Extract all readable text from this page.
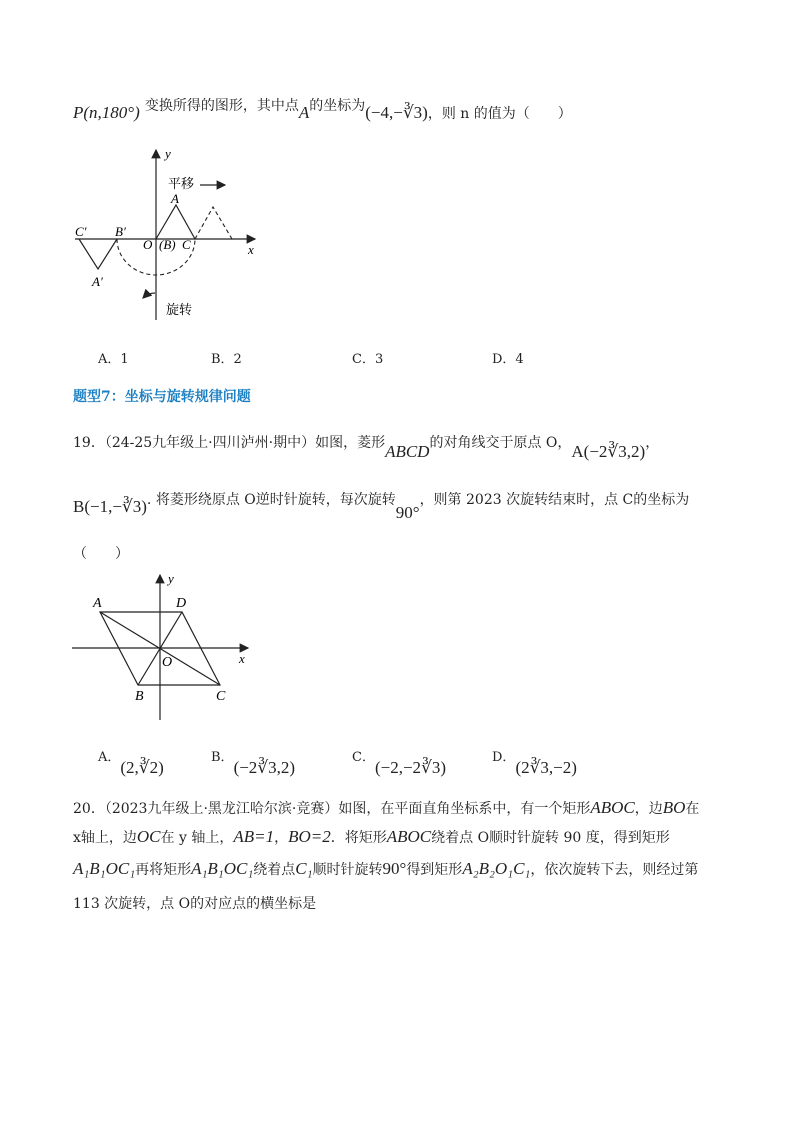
P(n,180°) 变换所得的图形，其中点A的坐标为(−4,−∛3)，则 n 的值为（　　）
y
x
平移
A
C′ B′
O (B) C
A′
旋转
A．1	B．2	C．3	D．4
题型7：坐标与旋转规律问题
19．（24-25九年级上·四川泸州·期中）如图，菱形ABCD的对角线交于原点 O，A(−2∛3,2)，
B(−1,−∛3). 将菱形绕原点 O逆时针旋转，每次旋转90°，则第 2023 次旋转结束时，点 C的坐标为
（　　）
y
x
A	D
O
B	C
$^{A.}$(2,∛2)
$^{B.}$(−2∛3,2)
$^{C.}$(−2,−2∛3)
$^{D.}$(2∛3,−2)
20．（2023九年级上·黑龙江哈尔滨·竞赛）如图，在平面直角坐标系中，有一个矩形ABOC，边BO在
x轴上，边OC在 y 轴上，AB=1，BO=2．将矩形ABOC绕着点 O顺时针旋转 90 度，得到矩形
A₁B₁OC₁再将矩形A₁B₁OC₁绕着点C₁顺时针旋转90°得到矩形A₂B₂O₁C₁，依次旋转下去，则经过第
113 次旋转，点 O的对应点的横坐标是
